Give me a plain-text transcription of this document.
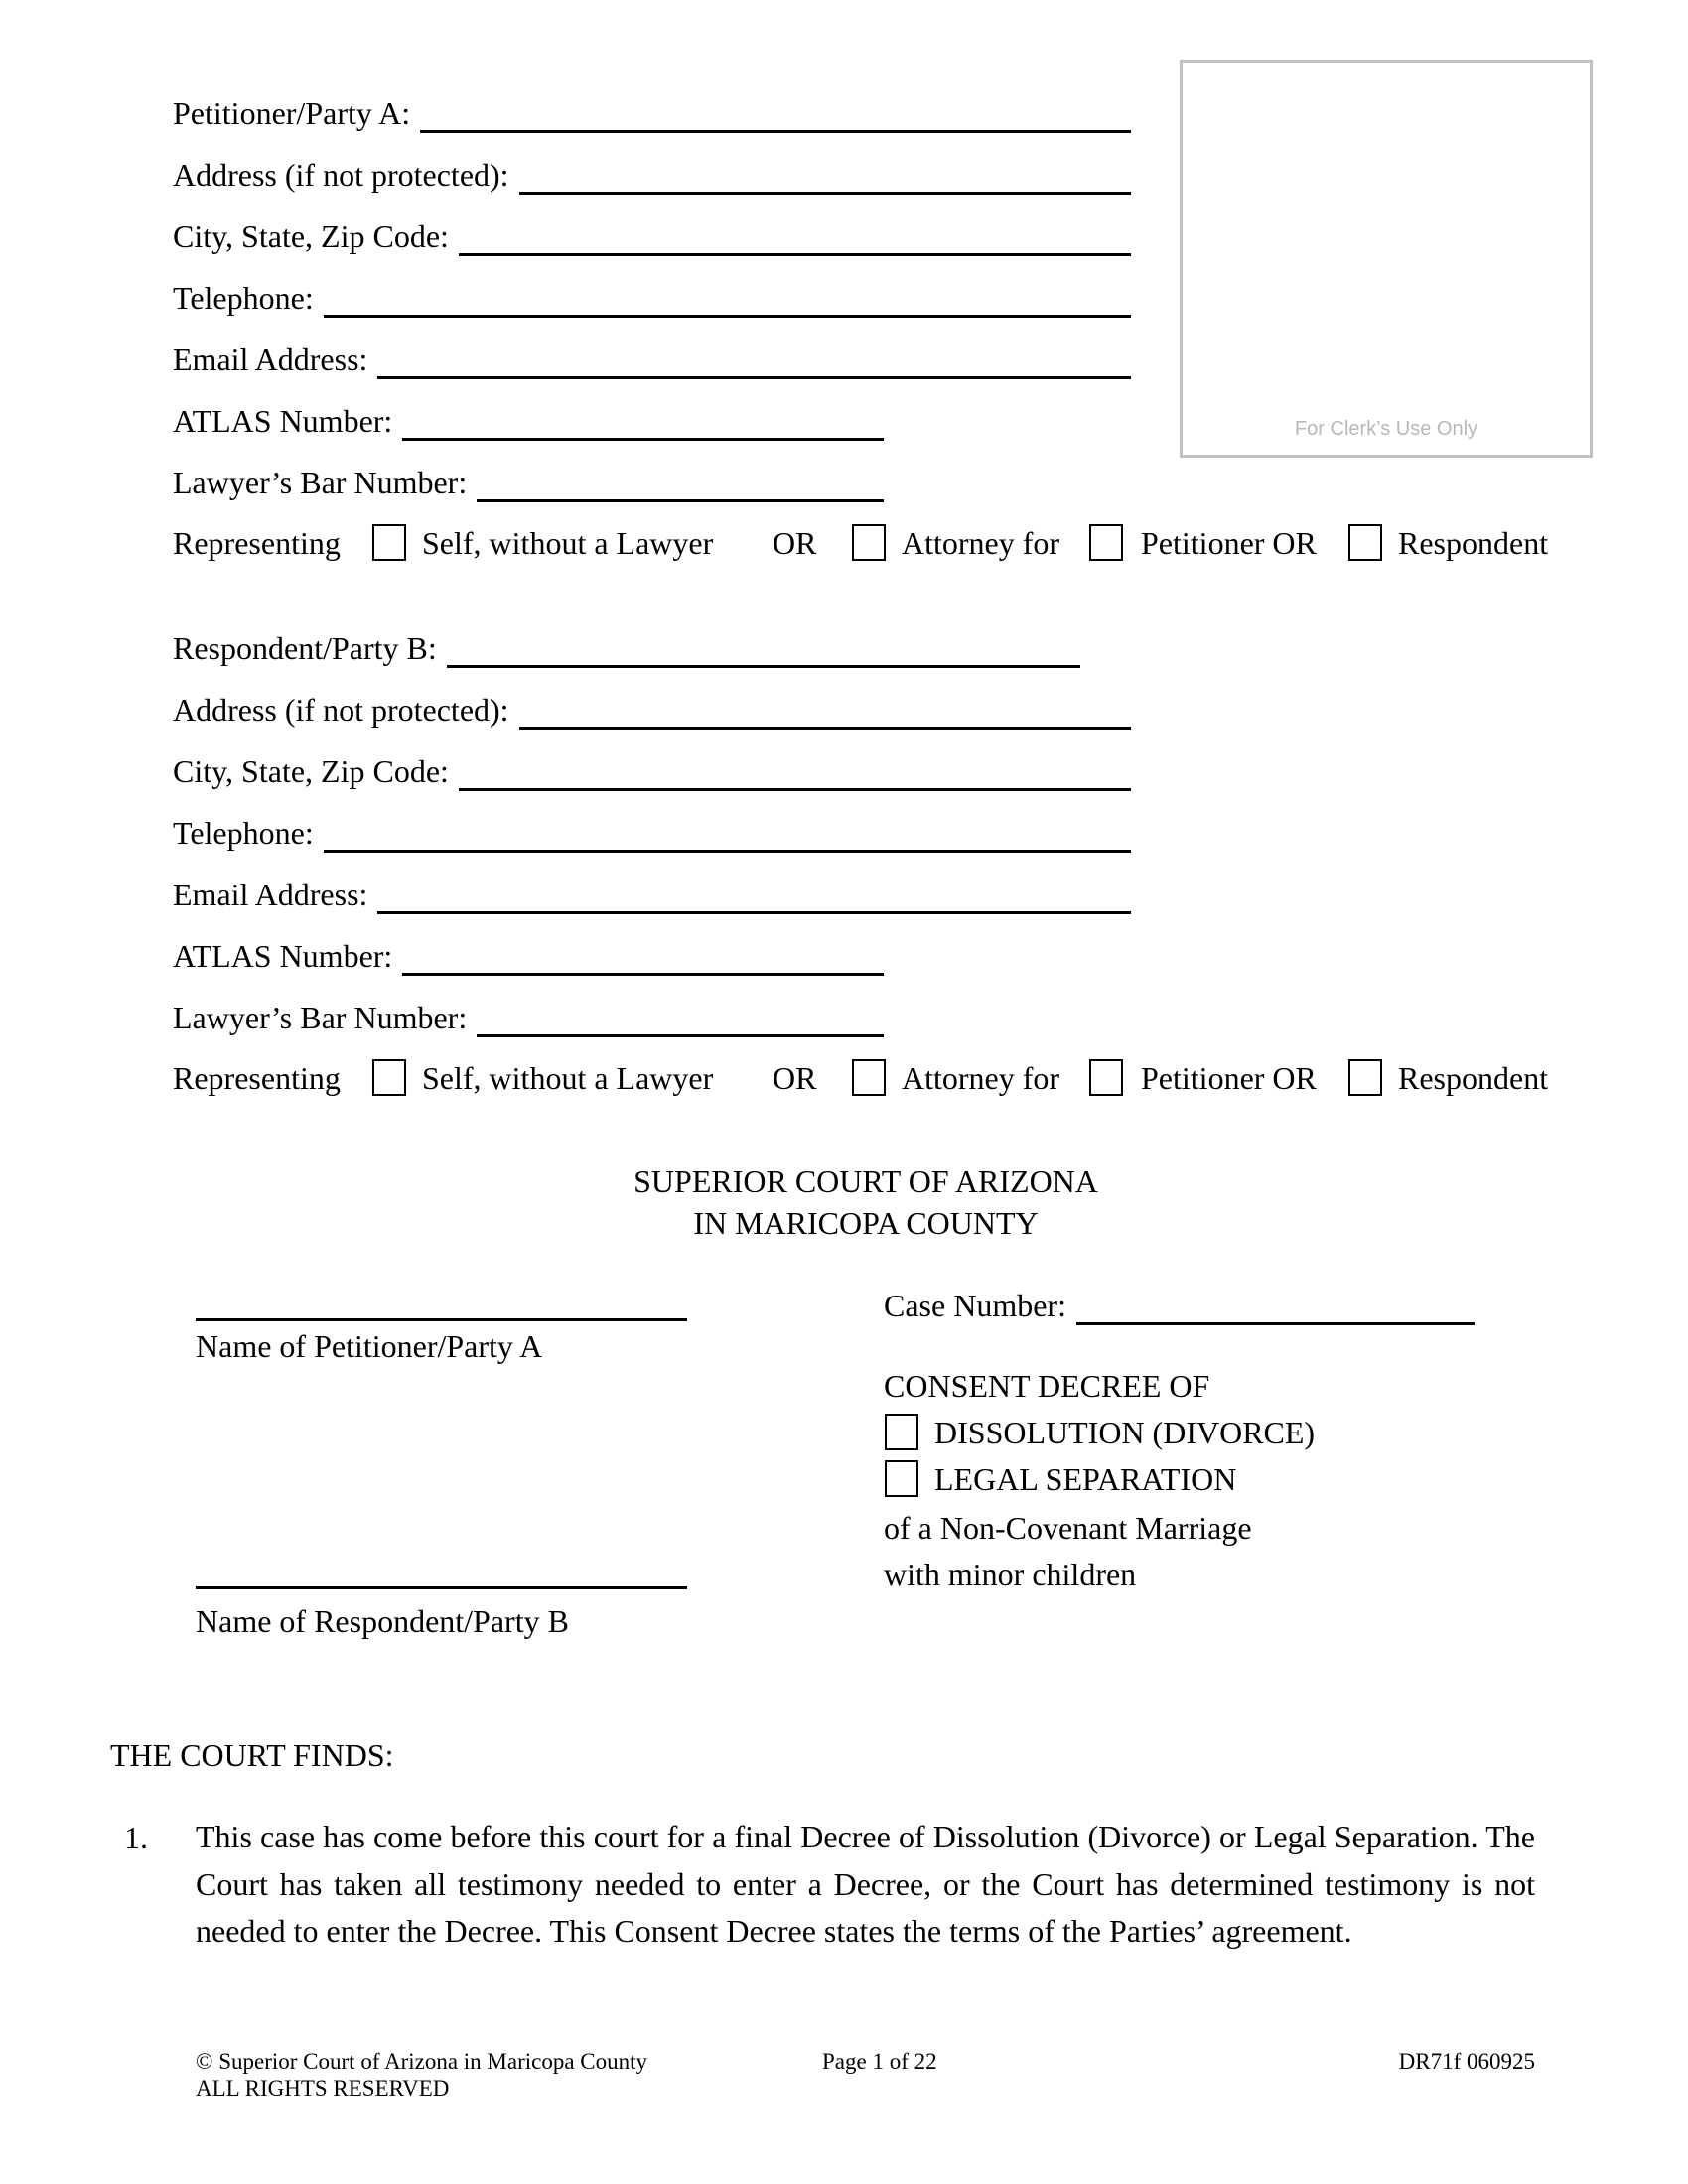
Petitioner/Party A:
Address (if not protected):
City, State, Zip Code:
Telephone:
Email Address:
ATLAS Number:
Lawyer’s Bar Number:
Representing	Self, without a Lawyer OR	Attorney for	Petitioner OR	Respondent
For Clerk’s Use Only
Respondent/Party B:
Address (if not protected):
City, State, Zip Code:
Telephone:
Email Address:
ATLAS Number:
Lawyer’s Bar Number:
Representing	Self, without a Lawyer OR	Attorney for	Petitioner OR	Respondent
SUPERIOR COURT OF ARIZONA
IN MARICOPA COUNTY
Name of Petitioner/Party A
Name of Respondent/Party B
Case Number:
CONSENT DECREE OF
DISSOLUTION (DIVORCE)
LEGAL SEPARATION
of a Non-Covenant Marriage
with minor children
THE COURT FINDS:
1. This case has come before this court for a final Decree of Dissolution (Divorce) or Legal Separation. The Court has taken all testimony needed to enter a Decree, or the Court has determined testimony is not needed to enter the Decree. This Consent Decree states the terms of the Parties’ agreement.
© Superior Court of Arizona in Maricopa County
ALL RIGHTS RESERVED
Page 1 of 22	DR71f 060925
